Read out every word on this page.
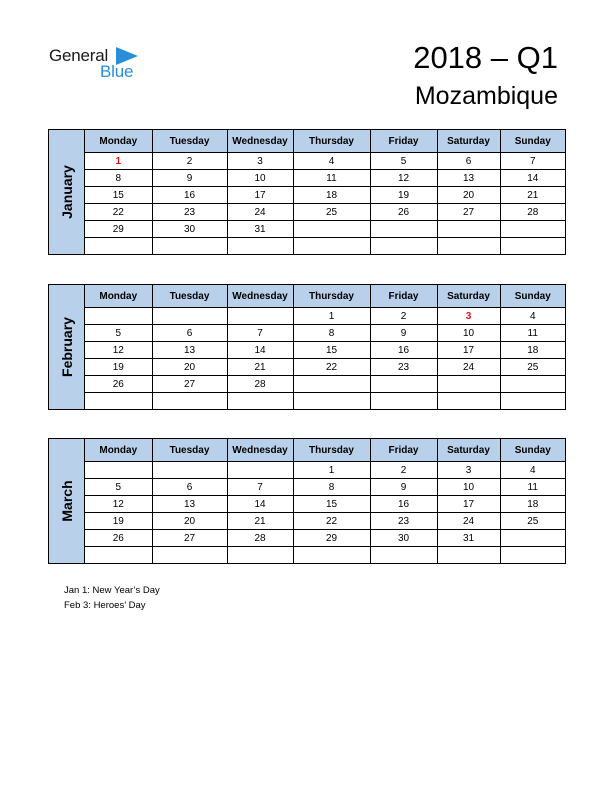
General
Blue	2018 – Q1
Mozambique
January
Monday	Tuesday	Wednesday	Thursday	Friday	Saturday	Sunday
1	2	3	4	5	6	7
8	9	10	11	12	13	14
15	16	17	18	19	20	21
22	23	24	25	26	27	28
29	30	31				

February
Monday	Tuesday	Wednesday	Thursday	Friday	Saturday	Sunday
			1	2	3	4
5	6	7	8	9	10	11
12	13	14	15	16	17	18
19	20	21	22	23	24	25
26	27	28				

March
Monday	Tuesday	Wednesday	Thursday	Friday	Saturday	Sunday
			1	2	3	4
5	6	7	8	9	10	11
12	13	14	15	16	17	18
19	20	21	22	23	24	25
26	27	28	29	30	31	

Jan 1: New Year’s Day
Feb 3: Heroes’ Day
